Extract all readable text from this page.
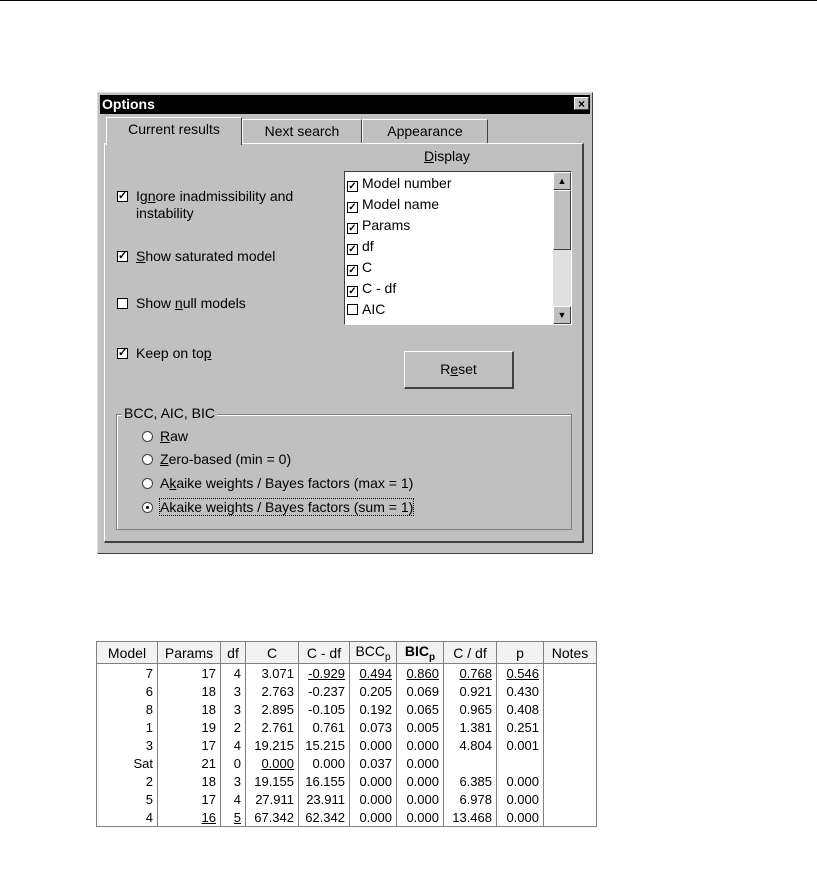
Options	×
Current results	Next search	Appearance
✓ Ignore inadmissibility and
instability
✓ Show saturated model
Show null models
✓ Keep on top
Display
✓ Model number
✓ Model name
✓ Params
✓ df
✓ C
✓ C - df
AIC
▲
▼
Reset
BCC, AIC, BIC
Raw
Zero-based (min = 0)
Akaike weights / Bayes factors (max = 1)
Akaike weights / Bayes factors (sum = 1)
Model	Params	df	C	C - df	$BCC_p$	$BIC_p$	C / df	p	Notes
7	17	4	3.071	-0.929	0.494	0.860	0.768	0.546	
6	18	3	2.763	-0.237	0.205	0.069	0.921	0.430	
8	18	3	2.895	-0.105	0.192	0.065	0.965	0.408	
1	19	2	2.761	0.761	0.073	0.005	1.381	0.251	
3	17	4	19.215	15.215	0.000	0.000	4.804	0.001	
Sat	21	0	0.000	0.000	0.037	0.000			
2	18	3	19.155	16.155	0.000	0.000	6.385	0.000	
5	17	4	27.911	23.911	0.000	0.000	6.978	0.000	
4	16	5	67.342	62.342	0.000	0.000	13.468	0.000	
